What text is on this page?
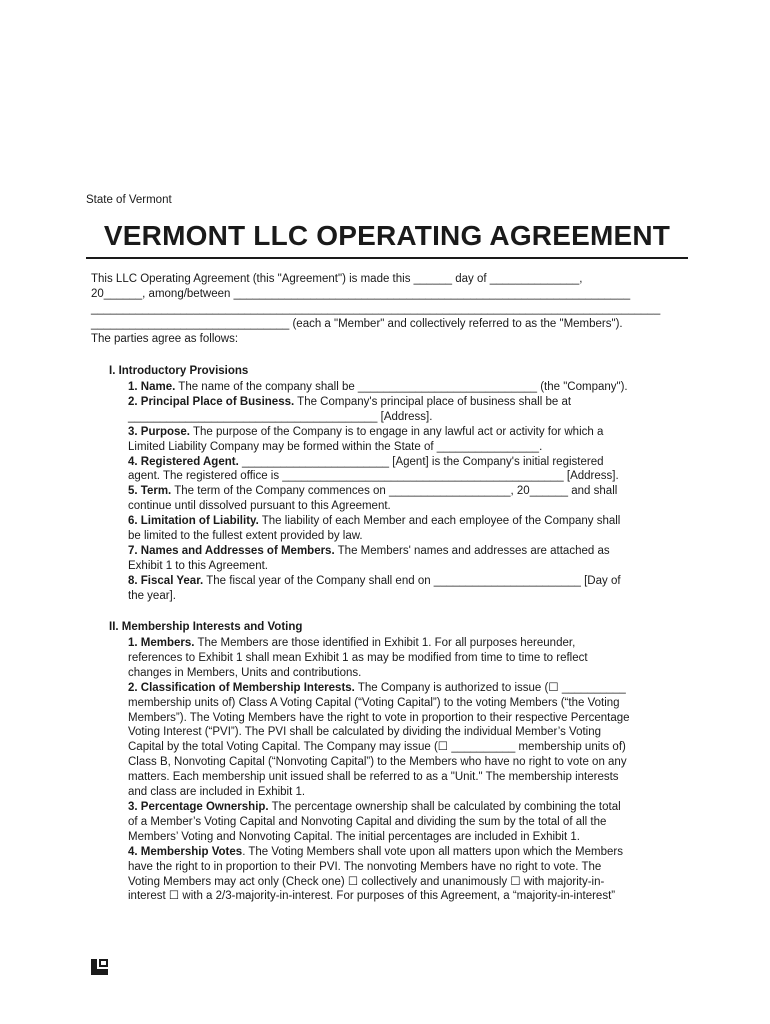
State of Vermont
VERMONT LLC OPERATING AGREEMENT
This LLC Operating Agreement (this "Agreement") is made this ______ day of ______________,
20______, among/between ______________________________________________________________
_________________________________________________________________________________________
_______________________________ (each a "Member" and collectively referred to as the "Members").
The parties agree as follows:
I. Introductory Provisions
1. Name. The name of the company shall be ____________________________ (the "Company").
2. Principal Place of Business. The Company's principal place of business shall be at
_______________________________________ [Address].
3. Purpose. The purpose of the Company is to engage in any lawful act or activity for which a
Limited Liability Company may be formed within the State of ________________.
4. Registered Agent. _______________________ [Agent] is the Company's initial registered
agent. The registered office is ____________________________________________ [Address].
5. Term. The term of the Company commences on ___________________, 20______ and shall
continue until dissolved pursuant to this Agreement.
6. Limitation of Liability. The liability of each Member and each employee of the Company shall
be limited to the fullest extent provided by law.
7. Names and Addresses of Members. The Members' names and addresses are attached as
Exhibit 1 to this Agreement.
8. Fiscal Year. The fiscal year of the Company shall end on _______________________ [Day of
the year].
II. Membership Interests and Voting
1. Members. The Members are those identified in Exhibit 1. For all purposes hereunder,
references to Exhibit 1 shall mean Exhibit 1 as may be modified from time to time to reflect
changes in Members, Units and contributions.
2. Classification of Membership Interests. The Company is authorized to issue (☐ __________
membership units of) Class A Voting Capital (“Voting Capital”) to the voting Members (“the Voting
Members”). The Voting Members have the right to vote in proportion to their respective Percentage
Voting Interest (“PVI”). The PVI shall be calculated by dividing the individual Member’s Voting
Capital by the total Voting Capital. The Company may issue (☐ __________ membership units of)
Class B, Nonvoting Capital (“Nonvoting Capital”) to the Members who have no right to vote on any
matters. Each membership unit issued shall be referred to as a "Unit." The membership interests
and class are included in Exhibit 1.
3. Percentage Ownership. The percentage ownership shall be calculated by combining the total
of a Member’s Voting Capital and Nonvoting Capital and dividing the sum by the total of all the
Members’ Voting and Nonvoting Capital. The initial percentages are included in Exhibit 1.
4. Membership Votes. The Voting Members shall vote upon all matters upon which the Members
have the right to in proportion to their PVI. The nonvoting Members have no right to vote. The
Voting Members may act only (Check one) ☐ collectively and unanimously ☐ with majority-in-
interest ☐ with a 2/3-majority-in-interest. For purposes of this Agreement, a “majority-in-interest”
